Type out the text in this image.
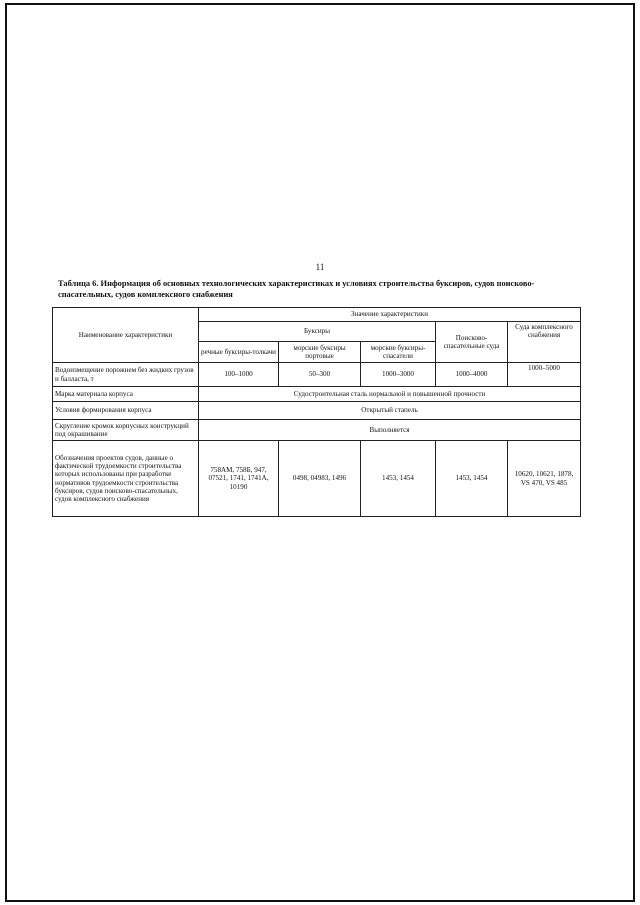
11
Таблица 6. Информация об основных технологических характеристиках и условиях строительства буксиров, судов поисково-спасательных, судов комплексного снабжения
Наименование характеристики	Значение характеристики				
	Буксиры			Поисково-спасательные суда	Суда комплексного снабжения
	речные буксиры-толкачи	морские буксиры портовые	морские буксиры-спасатели		
Водоизмещение порожнем без жидких грузов и балласта, т	100–1000	50–300	1000–3000	1000–4000	1000–5000
Марка материала корпуса	Судостроительная сталь нормальной и повышенной прочности				
Условия формирования корпуса	Открытый стапель				
Скругление кромок корпусных конструкций под окрашивание	Выполняется				
Обозначения проектов судов, данные о фактической трудоемкости строительства которых использованы при разработке нормативов трудоемкости строительства буксиров, судов поисково-спасательных, судов комплексного снабжения	758AM, 758Б, 947, 07521, 1741, 1741A, 10190	0498, 04983, 1496	1453, 1454	1453, 1454	10620, 10621, 1878, VS 470, VS 485
